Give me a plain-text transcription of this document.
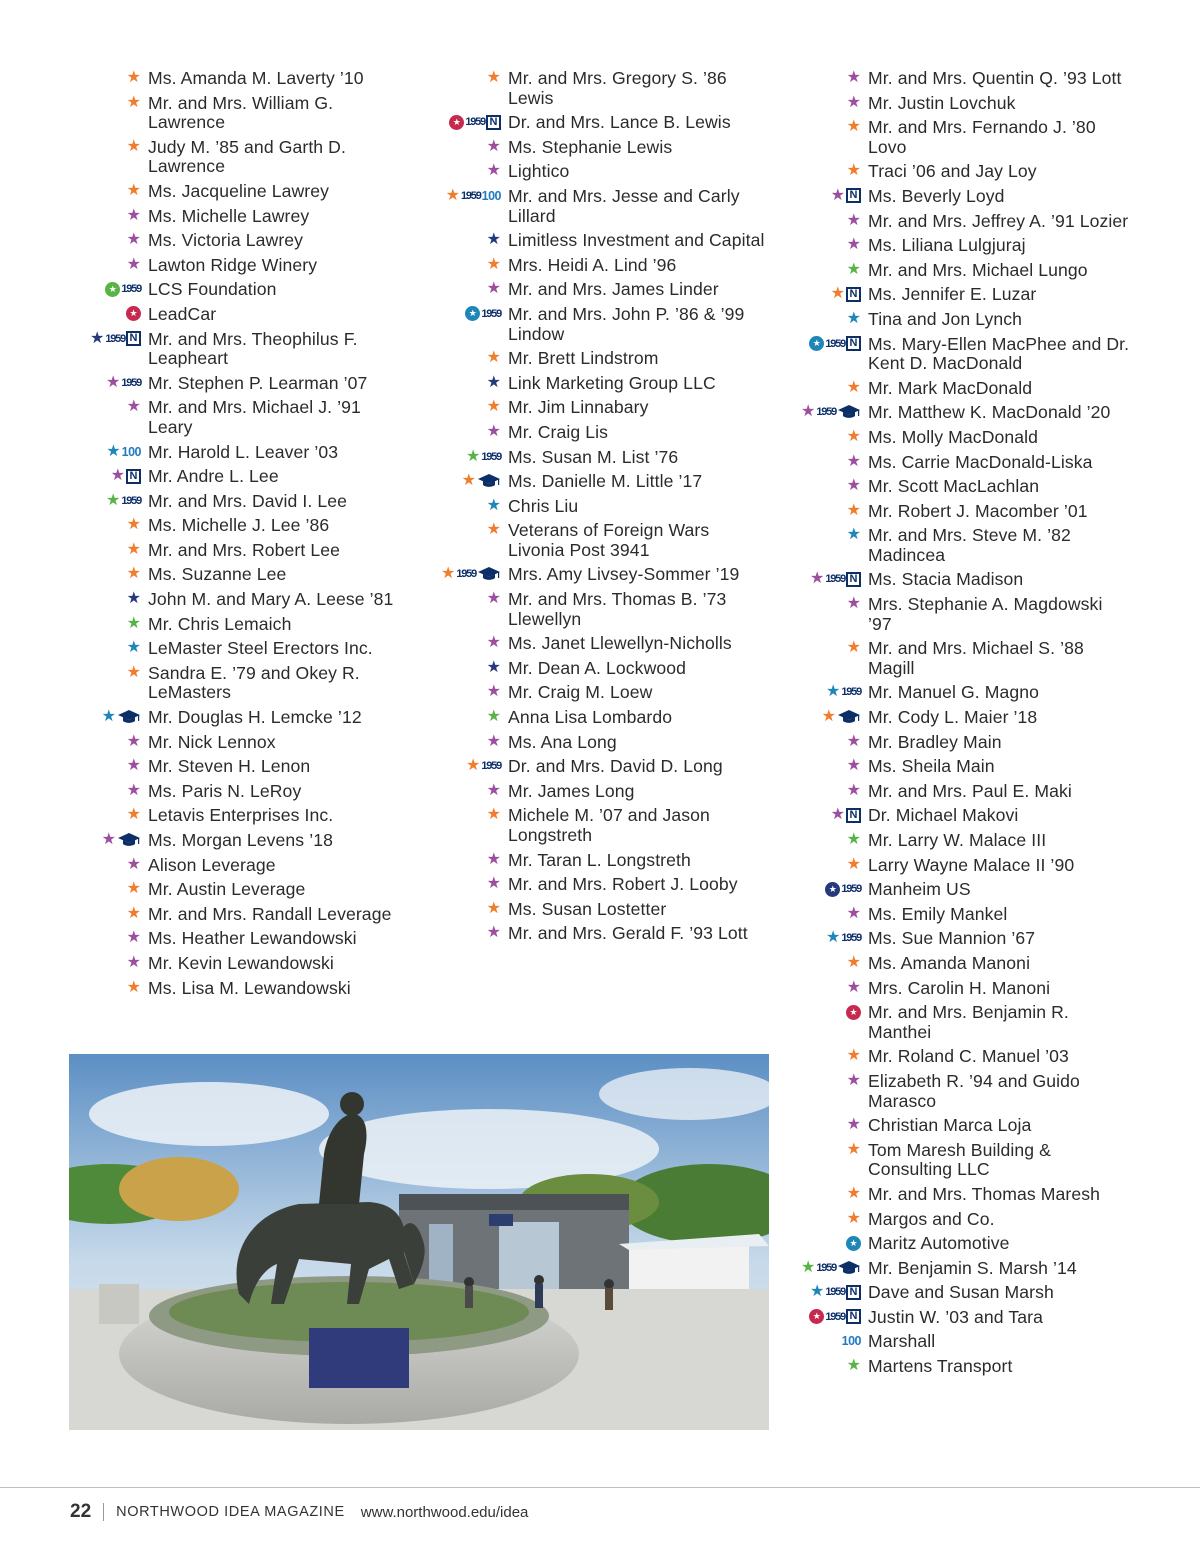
★ Ms. Amanda M. Laverty ’10
★ Mr. and Mrs. William G. Lawrence
★ Judy M. ’85 and Garth D. Lawrence
★ Ms. Jacqueline Lawrey
★ Ms. Michelle Lawrey
★ Ms. Victoria Lawrey
★ Lawton Ridge Winery
★ 1959 LCS Foundation
★ LeadCar
★ 1959 N Mr. and Mrs. Theophilus F. Leapheart
★ 1959 Mr. Stephen P. Learman ’07
★ Mr. and Mrs. Michael J. ’91 Leary
★ 100 Mr. Harold L. Leaver ’03
★ N Mr. Andre L. Lee
★ 1959 Mr. and Mrs. David I. Lee
★ Ms. Michelle J. Lee ’86
★ Mr. and Mrs. Robert Lee
★ Ms. Suzanne Lee
★ John M. and Mary A. Leese ’81
★ Mr. Chris Lemaich
★ LeMaster Steel Erectors Inc.
★ Sandra E. ’79 and Okey R. LeMasters
★ Mr. Douglas H. Lemcke ’12
★ Mr. Nick Lennox
★ Mr. Steven H. Lenon
★ Ms. Paris N. LeRoy
★ Letavis Enterprises Inc.
★ Ms. Morgan Levens ’18
★ Alison Leverage
★ Mr. Austin Leverage
★ Mr. and Mrs. Randall Leverage
★ Ms. Heather Lewandowski
★ Mr. Kevin Lewandowski
★ Ms. Lisa M. Lewandowski
★ Mr. and Mrs. Gregory S. ’86 Lewis
★ 1959 N Dr. and Mrs. Lance B. Lewis
★ Ms. Stephanie Lewis
★ Lightico
★ 1959 100 Mr. and Mrs. Jesse and Carly Lillard
★ Limitless Investment and Capital
★ Mrs. Heidi A. Lind ’96
★ Mr. and Mrs. James Linder
★ 1959 Mr. and Mrs. John P. ’86 & ’99 Lindow
★ Mr. Brett Lindstrom
★ Link Marketing Group LLC
★ Mr. Jim Linnabary
★ Mr. Craig Lis
★ 1959 Ms. Susan M. List ’76
★ Ms. Danielle M. Little ’17
★ Chris Liu
★ Veterans of Foreign Wars Livonia Post 3941
★ 1959 Mrs. Amy Livsey-Sommer ’19
★ Mr. and Mrs. Thomas B. ’73 Llewellyn
★ Ms. Janet Llewellyn-Nicholls
★ Mr. Dean A. Lockwood
★ Mr. Craig M. Loew
★ Anna Lisa Lombardo
★ Ms. Ana Long
★ 1959 Dr. and Mrs. David D. Long
★ Mr. James Long
★ Michele M. ’07 and Jason Longstreth
★ Mr. Taran L. Longstreth
★ Mr. and Mrs. Robert J. Looby
★ Ms. Susan Lostetter
★ Mr. and Mrs. Gerald F. ’93 Lott
★ Mr. and Mrs. Quentin Q. ’93 Lott
★ Mr. Justin Lovchuk
★ Mr. and Mrs. Fernando J. ’80 Lovo
★ Traci ’06 and Jay Loy
★ N Ms. Beverly Loyd
★ Mr. and Mrs. Jeffrey A. ’91 Lozier
★ Ms. Liliana Lulgjuraj
★ Mr. and Mrs. Michael Lungo
★ N Ms. Jennifer E. Luzar
★ Tina and Jon Lynch
★ 1959 N Ms. Mary-Ellen MacPhee and Dr. Kent D. MacDonald
★ Mr. Mark MacDonald
★ 1959 Mr. Matthew K. MacDonald ’20
★ Ms. Molly MacDonald
★ Ms. Carrie MacDonald-Liska
★ Mr. Scott MacLachlan
★ Mr. Robert J. Macomber ’01
★ Mr. and Mrs. Steve M. ’82 Madincea
★ 1959 N Ms. Stacia Madison
★ Mrs. Stephanie A. Magdowski ’97
★ Mr. and Mrs. Michael S. ’88 Magill
★ 1959 Mr. Manuel G. Magno
★ Mr. Cody L. Maier ’18
★ Mr. Bradley Main
★ Ms. Sheila Main
★ Mr. and Mrs. Paul E. Maki
★ N Dr. Michael Makovi
★ Mr. Larry W. Malace III
★ Larry Wayne Malace II ’90
★ 1959 Manheim US
★ Ms. Emily Mankel
★ 1959 Ms. Sue Mannion ’67
★ Ms. Amanda Manoni
★ Mrs. Carolin H. Manoni
★ Mr. and Mrs. Benjamin R. Manthei
★ Mr. Roland C. Manuel ’03
★ Elizabeth R. ’94 and Guido Marasco
★ Christian Marca Loja
★ Tom Maresh Building & Consulting LLC
★ Mr. and Mrs. Thomas Maresh
★ Margos and Co.
★ Maritz Automotive
★ 1959 Mr. Benjamin S. Marsh ’14
★ 1959 N Dave and Susan Marsh
★ 1959 N Justin W. ’03 and Tara
100 Marshall
★ Martens Transport
22 NORTHWOOD IDEA MAGAZINE www.northwood.edu/idea
